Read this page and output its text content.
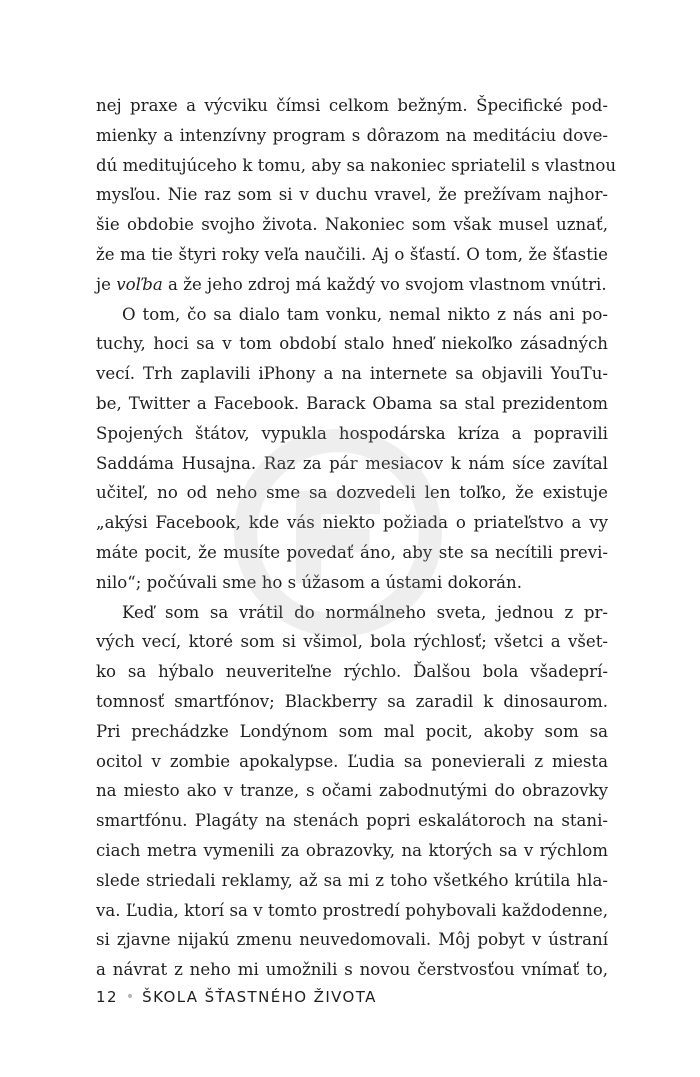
nej praxe a výcviku čímsi celkom bežným. Špecifické pod-
mienky a intenzívny program s dôrazom na meditáciu dove-
dú meditujúceho k tomu, aby sa nakoniec spriatelil s vlastnou
mysľou. Nie raz som si v duchu vravel, že prežívam najhor-
šie obdobie svojho života. Nakoniec som však musel uznať,
že ma tie štyri roky veľa naučili. Aj o šťastí. O tom, že šťastie
je voľba a že jeho zdroj má každý vo svojom vlastnom vnútri.
O tom, čo sa dialo tam vonku, nemal nikto z nás ani po-
tuchy, hoci sa v tom období stalo hneď niekoľko zásadných
vecí. Trh zaplavili iPhony a na internete sa objavili YouTu-
be, Twitter a Facebook. Barack Obama sa stal prezidentom
Spojených štátov, vypukla hospodárska kríza a popravili
Saddáma Husajna. Raz za pár mesiacov k nám síce zavítal
učiteľ, no od neho sme sa dozvedeli len toľko, že existuje
„akýsi Facebook, kde vás niekto požiada o priateľstvo a vy
máte pocit, že musíte povedať áno, aby ste sa necítili previ-
nilo“; počúvali sme ho s úžasom a ústami dokorán.
Keď som sa vrátil do normálneho sveta, jednou z pr-
vých vecí, ktoré som si všimol, bola rýchlosť; všetci a všet-
ko sa hýbalo neuveriteľne rýchlo. Ďalšou bola všadeprí-
tomnosť smartfónov; Blackberry sa zaradil k dinosaurom.
Pri prechádzke Londýnom som mal pocit, akoby som sa
ocitol v zombie apokalypse. Ľudia sa ponevierali z miesta
na miesto ako v tranze, s očami zabodnutými do obrazovky
smartfónu. Plagáty na stenách popri eskalátoroch na stani-
ciach metra vymenili za obrazovky, na ktorých sa v rýchlom
slede striedali reklamy, až sa mi z toho všetkého krútila hla-
va. Ľudia, ktorí sa v tomto prostredí pohybovali každodenne,
si zjavne nijakú zmenu neuvedomovali. Môj pobyt v ústraní
a návrat z neho mi umožnili s novou čerstvosťou vnímať to,
12 • ŠKOLA ŠŤASTNÉHO ŽIVOTA
